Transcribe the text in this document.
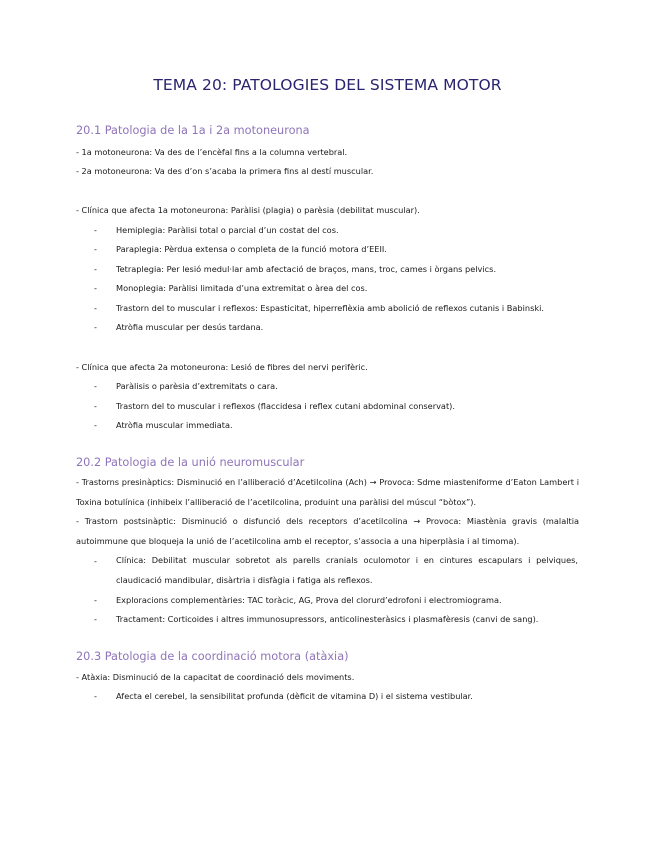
TEMA 20: PATOLOGIES DEL SISTEMA MOTOR
20.1 Patologia de la 1a i 2a motoneurona
- 1a motoneurona: Va des de l’encèfal fins a la columna vertebral.
- 2a motoneurona: Va des d’on s’acaba la primera fins al destí muscular.
- Clínica que afecta 1a motoneurona: Paràlisi (plagia) o parèsia (debilitat muscular).
- Hemiplegia: Paràlisi total o parcial d’un costat del cos.
- Paraplegia: Pèrdua extensa o completa de la funció motora d’EEII.
- Tetraplegia: Per lesió medul·lar amb afectació de braços, mans, troc, cames i òrgans pelvics.
- Monoplegia: Paràlisi limitada d’una extremitat o àrea del cos.
- Trastorn del to muscular i reflexos: Espasticitat, hiperreflèxia amb abolició de reflexos cutanis i Babinski.
- Atròfia muscular per desús tardana.
- Clínica que afecta 2a motoneurona: Lesió de fibres del nervi perifèric.
- Paràlisis o parèsia d’extremitats o cara.
- Trastorn del to muscular i reflexos (flaccidesa i reflex cutani abdominal conservat).
- Atròfia muscular immediata.
20.2 Patologia de la unió neuromuscular
- Trastorns presinàptics: Disminució en l’alliberació d’Acetilcolina (Ach) → Provoca: Sdme miasteniforme d’Eaton Lambert i Toxina botulínica (inhibeix l’alliberació de l’acetilcolina, produint una paràlisi del múscul “bòtox”).
- Trastorn postsinàptic: Disminució o disfunció dels receptors d’acetilcolina → Provoca: Miastènia gravis (malaltia autoimmune que bloqueja la unió de l’acetilcolina amb el receptor, s’associa a una hiperplàsia i al timoma).
- Clínica: Debilitat muscular sobretot als parells cranials oculomotor i en cintures escapulars i pelviques, claudicació mandibular, disàrtria i disfàgia i fatiga als reflexos.
- Exploracions complementàries: TAC toràcic, AG, Prova del clorurd’edrofoni i electromiograma.
- Tractament: Corticoides i altres immunosupressors, anticolinesteràsics i plasmafèresis (canvi de sang).
20.3 Patologia de la coordinació motora (atàxia)
- Atàxia: Disminució de la capacitat de coordinació dels moviments.
- Afecta el cerebel, la sensibilitat profunda (dèficit de vitamina D) i el sistema vestibular.
